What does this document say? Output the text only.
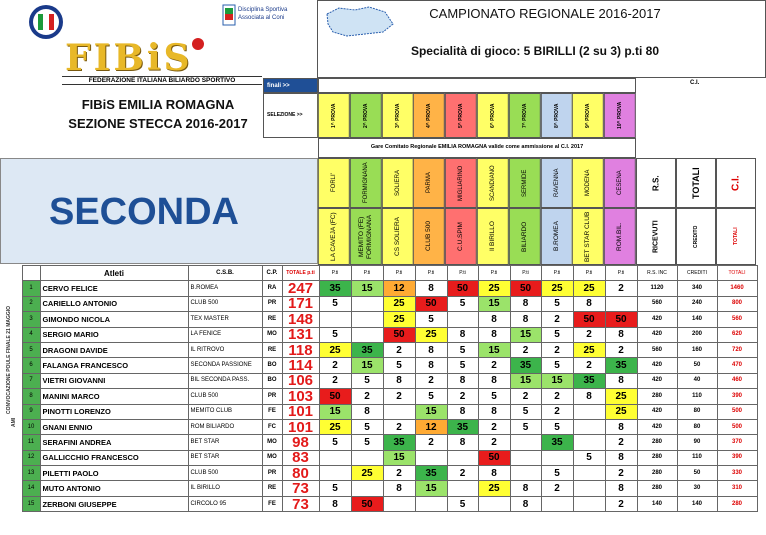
Disciplina Sportiva Associata al Coni
FIBiS
FEDERAZIONE ITALIANA BILIARDO SPORTIVO
FIBiS EMILIA ROMAGNA
SEZIONE STECCA 2016-2017
SECONDA
CAMPIONATO REGIONALE 2016-2017
Specialità di gioco: 5 BIRILLI (2 su 3) p.ti 80
finali >>	C.I.
SELEZIONE >>	1^ PROVA	2^ PROVA	3^ PROVA	4^ PROVA	5^ PROVA	6^ PROVA	7^ PROVA	8^ PROVA	9^ PROVA	10^ PROVA
Gare Comitato Regionale EMILIA ROMAGNA valide come ammissione al C.I. 2017
FORLI'	FORMIGNANA	SOLIERA	PARMA	MIGLIARINO	SCANDIANO	SERMIDE	RAVENNA	MODENA	CESENA
LA CAVEJA (FC)	MEMITO (FE) FORMIGNANA	CS SOLIERA	CLUB 500	C.U.SPIM	Il BIRILLO	BILIARDO	B.ROMEA	BET STAR CLUB	ROM.BIL.
R.S.	TOTALI	C.I.
RICEVUTI	CREDITO	TOTALI
CONVOCAZIONE POULE FINALE 21 MAGGIO
AMI
		Atleti	C.S.B.	C.P.	TOTALE p.ti	P.ti	P.ti	P.ti	P.ti	P.ti	P.ti	P.ti	P.ti	P.ti	P.ti	R.S. INC	CREDITI	TOTALI
	1	CERVO FELICE	B.ROMEA	RA	247	35	15	12	8	50	25	50	25	25	2	1120	340	1460
	2	CARIELLO ANTONIO	CLUB 500	PR	171	5		25	50	5	15	8	5	8		560	240	800
	3	GIMONDO NICOLA	TEX MASTER	RE	148			25	5		8	8	2	50	50	420	140	560
	4	SERGIO MARIO	LA FENICE	MO	131	5		50	25	8	8	15	5	2	8	420	200	620
	5	DRAGONI DAVIDE	IL RITROVO	RE	118	25	35	2	8	5	15	2	2	25	2	560	160	720
	6	FALANGA FRANCESCO	SECONDA PASSIONE	BO	114	2	15	5	8	5	2	35	5	2	35	420	50	470
	7	VIETRI GIOVANNI	BIL SECONDA PASS.	BO	106	2	5	8	2	8	8	15	15	35	8	420	40	460
	8	MANINI MARCO	CLUB 500	PR	103	50	2	2	5	2	5	2	2	8	25	280	110	390
	9	PINOTTI LORENZO	MEMITO CLUB	FE	101	15	8		15	8	8	5	2		25	420	80	500
	10	GNANI ENNIO	ROM BILIARDO	FC	101	25	5	2	12	35	2	5	5		8	420	80	500
	11	SERAFINI ANDREA	BET STAR	MO	98	5	5	35	2	8	2		35		2	280	90	370
	12	GALLICCHIO FRANCESCO	BET STAR	MO	83			15			50			5	8	280	110	390
	13	PILETTI PAOLO	CLUB 500	PR	80		25	2	35	2	8		5		2	280	50	330
	14	MUTO ANTONIO	IL BIRILLO	RE	73	5		8	15		25	8	2		8	280	30	310
	15	ZERBONI GIUSEPPE	CIRCOLO 95	FE	73	8	50			5		8			2	140	140	280
